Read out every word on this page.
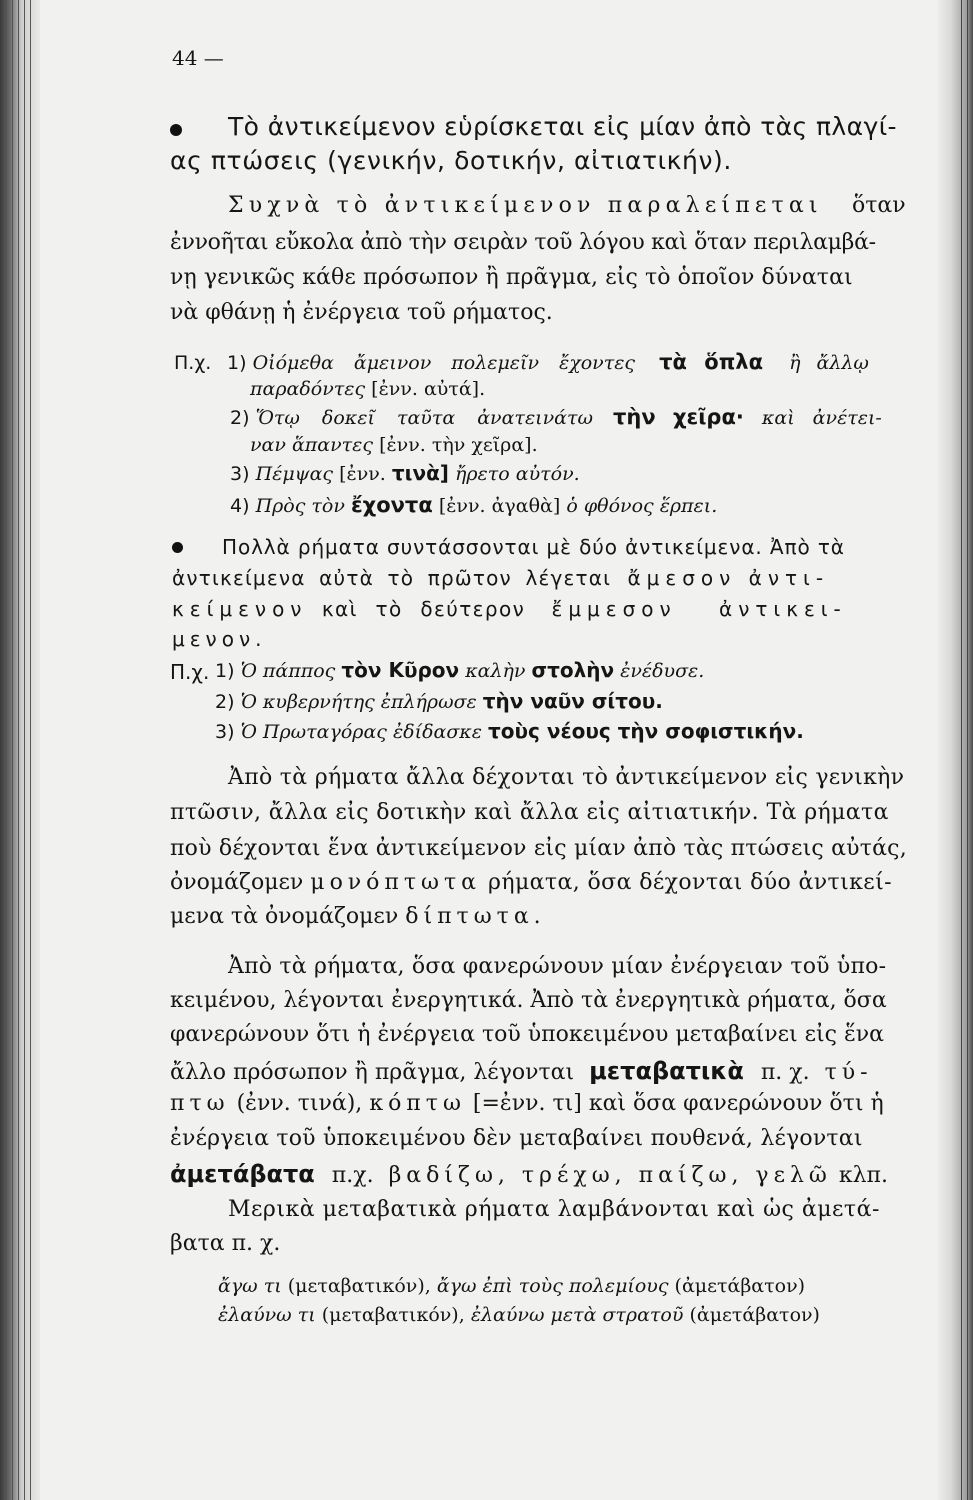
44 —
Τὸ ἀντικείμενον εὑρίσκεται εἰς μίαν ἀπὸ τὰς πλαγί-
ας πτώσεις (γενικήν, δοτικήν, αἰτιατικήν).
Συχνὰ τὸ ἀντικείμενον παραλείπεται ὅταν
ἐννοῆται εὔκολα ἀπὸ τὴν σειρὰν τοῦ λόγου καὶ ὅταν περιλαμβά-
νῃ γενικῶς κάθε πρόσωπον ἢ πρᾶγμα, εἰς τὸ ὁποῖον δύναται
νὰ φθάνῃ ἡ ἐνέργεια τοῦ ρήματος.
Π.χ. 1) Οἰόμεθα ἄμεινον πολεμεῖν ἔχοντες τὰ ὅπλα ἢ ἄλλῳ
παραδόντες [ἐνν. αὐτά].
2) Ὅτῳ δοκεῖ ταῦτα ἀνατεινάτω τὴν χεῖρα· καὶ ἀνέτει-
ναν ἅπαντες [ἐνν. τὴν χεῖρα].
3) Πέμψας [ἐνν. τινὰ] ἤρετο αὐτόν.
4) Πρὸς τὸν ἔχοντα [ἐνν. ἀγαθὰ] ὁ φθόνος ἕρπει.
Πολλὰ ρήματα συντάσσονται μὲ δύο ἀντικείμενα. Ἀπὸ τὰ
ἀντικείμενα αὐτὰ τὸ πρῶτον λέγεται ἄμεσον ἀντι-
κείμενον καὶ τὸ δεύτερον ἔμμεσον ἀντικει-
μενον.
Π.χ. 1) Ὁ πάππος τὸν Κῦρον καλὴν στολὴν ἐνέδυσε.
2) Ὁ κυβερνήτης ἐπλήρωσε τὴν ναῦν σίτου.
3) Ὁ Πρωταγόρας ἐδίδασκε τοὺς νέους τὴν σοφιστικήν.
Ἀπὸ τὰ ρήματα ἄλλα δέχονται τὸ ἀντικείμενον εἰς γενικὴν
πτῶσιν, ἄλλα εἰς δοτικὴν καὶ ἄλλα εἰς αἰτιατικήν. Τὰ ρήματα
ποὺ δέχονται ἕνα ἀντικείμενον εἰς μίαν ἀπὸ τὰς πτώσεις αὐτάς,
ὀνομάζομεν μονόπτωτα ρήματα, ὅσα δέχονται δύο ἀντικεί-
μενα τὰ ὀνομάζομεν δίπτωτα.
Ἀπὸ τὰ ρήματα, ὅσα φανερώνουν μίαν ἐνέργειαν τοῦ ὑπο-
κειμένου, λέγονται ἐνεργητικά. Ἀπὸ τὰ ἐνεργητικὰ ρήματα, ὅσα
φανερώνουν ὅτι ἡ ἐνέργεια τοῦ ὑποκειμένου μεταβαίνει εἰς ἕνα
ἄλλο πρόσωπον ἢ πρᾶγμα, λέγονται μεταβατικὰ π. χ. τύ-
πτω (ἐνν. τινά), κόπτω [=ἐνν. τι] καὶ ὅσα φανερώνουν ὅτι ἡ
ἐνέργεια τοῦ ὑποκειμένου δὲν μεταβαίνει πουθενά, λέγονται
ἀμετάβατα π.χ. βαδίζω, τρέχω, παίζω, γελῶ κλπ.
Μερικὰ μεταβατικὰ ρήματα λαμβάνονται καὶ ὡς ἀμετά-
βατα π. χ.
ἄγω τι (μεταβατικόν), ἄγω ἐπὶ τοὺς πολεμίους (ἀμετάβατον)
ἐλαύνω τι (μεταβατικόν), ἐλαύνω μετὰ στρατοῦ (ἀμετάβατον)
